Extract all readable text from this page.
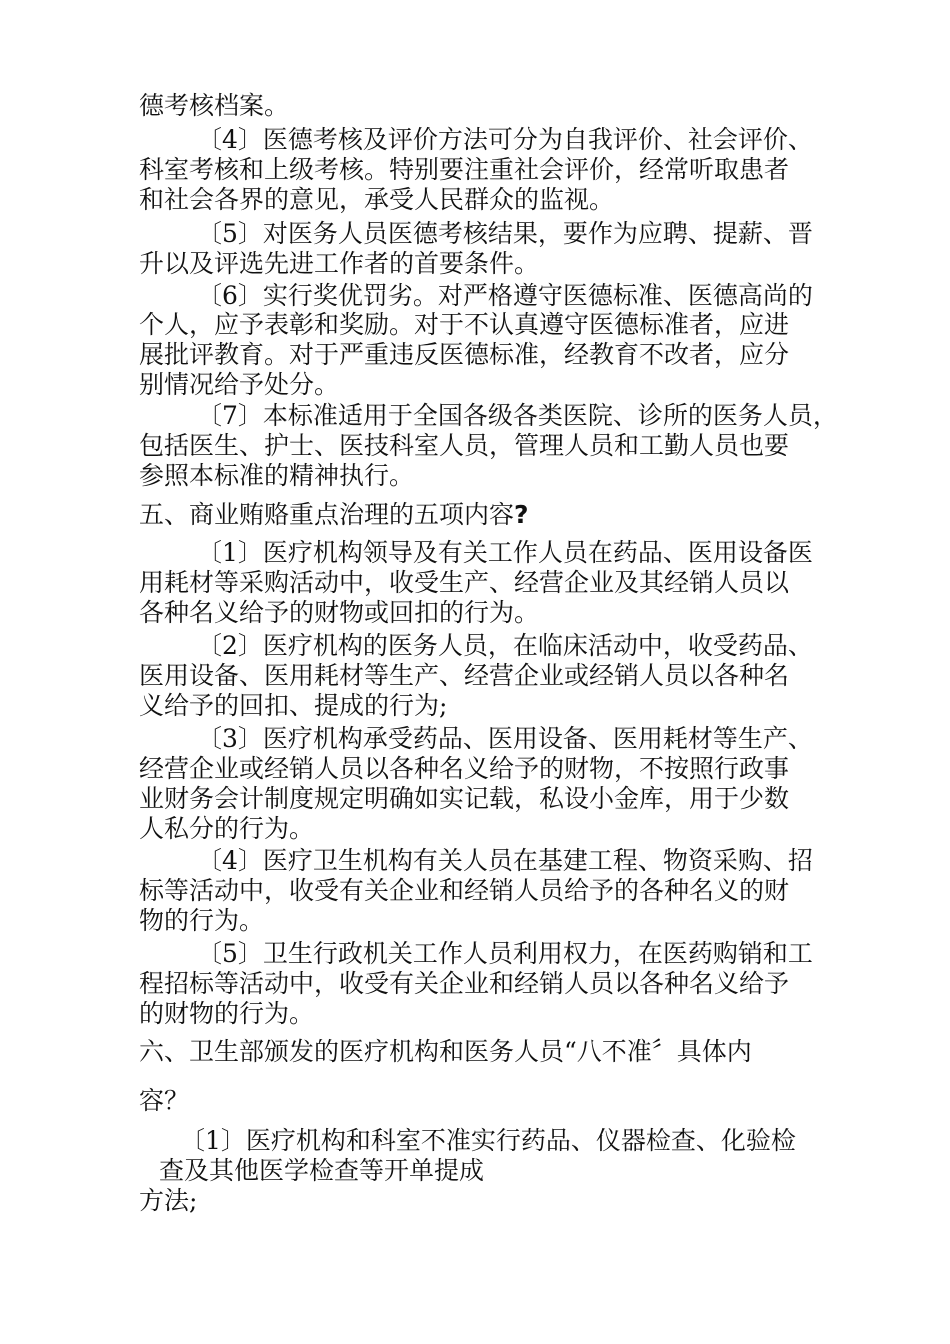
德考核档案。
〔4〕医德考核及评价方法可分为自我评价、社会评价、
科室考核和上级考核。特别要注重社会评价，经常听取患者
和社会各界的意见，承受人民群众的监视。
〔5〕对医务人员医德考核结果，要作为应聘、提薪、晋
升以及评选先进工作者的首要条件。
〔6〕实行奖优罚劣。对严格遵守医德标准、医德高尚的
个人，应予表彰和奖励。对于不认真遵守医德标准者，应进
展批评教育。对于严重违反医德标准，经教育不改者，应分
别情况给予处分。
〔7〕本标准适用于全国各级各类医院、诊所的医务人员，
包括医生、护士、医技科室人员，管理人员和工勤人员也要
参照本标准的精神执行。
五、商业贿赂重点治理的五项内容?
〔1〕医疗机构领导及有关工作人员在药品、医用设备医
用耗材等采购活动中，收受生产、经营企业及其经销人员以
各种名义给予的财物或回扣的行为。
〔2〕医疗机构的医务人员，在临床活动中，收受药品、
医用设备、医用耗材等生产、经营企业或经销人员以各种名
义给予的回扣、提成的行为;
〔3〕医疗机构承受药品、医用设备、医用耗材等生产、
经营企业或经销人员以各种名义给予的财物，不按照行政事
业财务会计制度规定明确如实记载，私设小金库，用于少数
人私分的行为。
〔4〕医疗卫生机构有关人员在基建工程、物资采购、招
标等活动中，收受有关企业和经销人员给予的各种名义的财
物的行为。
〔5〕卫生行政机关工作人员利用权力，在医药购销和工
程招标等活动中，收受有关企业和经销人员以各种名义给予
的财物的行为。
六、卫生部颁发的医疗机构和医务人员“八不准〞具体内
容？
〔1〕医疗机构和科室不准实行药品、仪器检查、化验检
查及其他医学检查等开单提成
方法;
